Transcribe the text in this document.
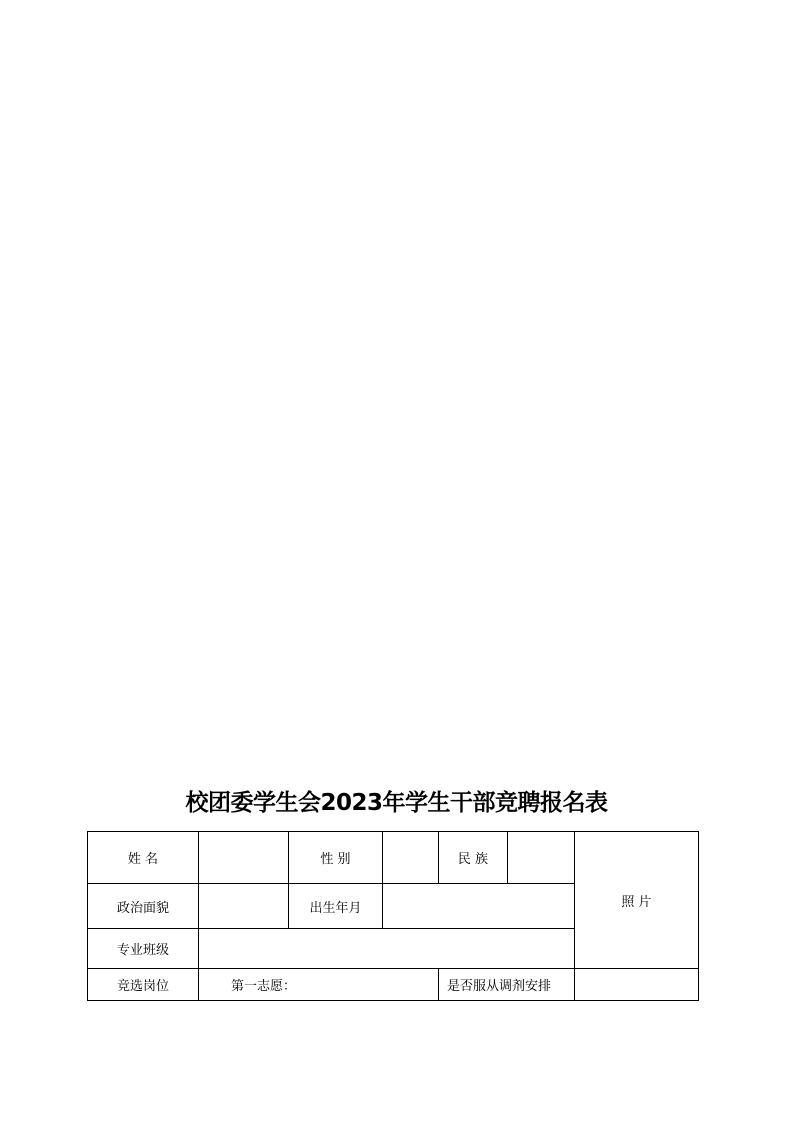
校团委学生会2023年学生干部竞聘报名表
姓 名		性 别		民 族		照 片
政治面貌		出生年月				
专业班级						
竞选岗位	第一志愿：			是否服从调剂安排		
